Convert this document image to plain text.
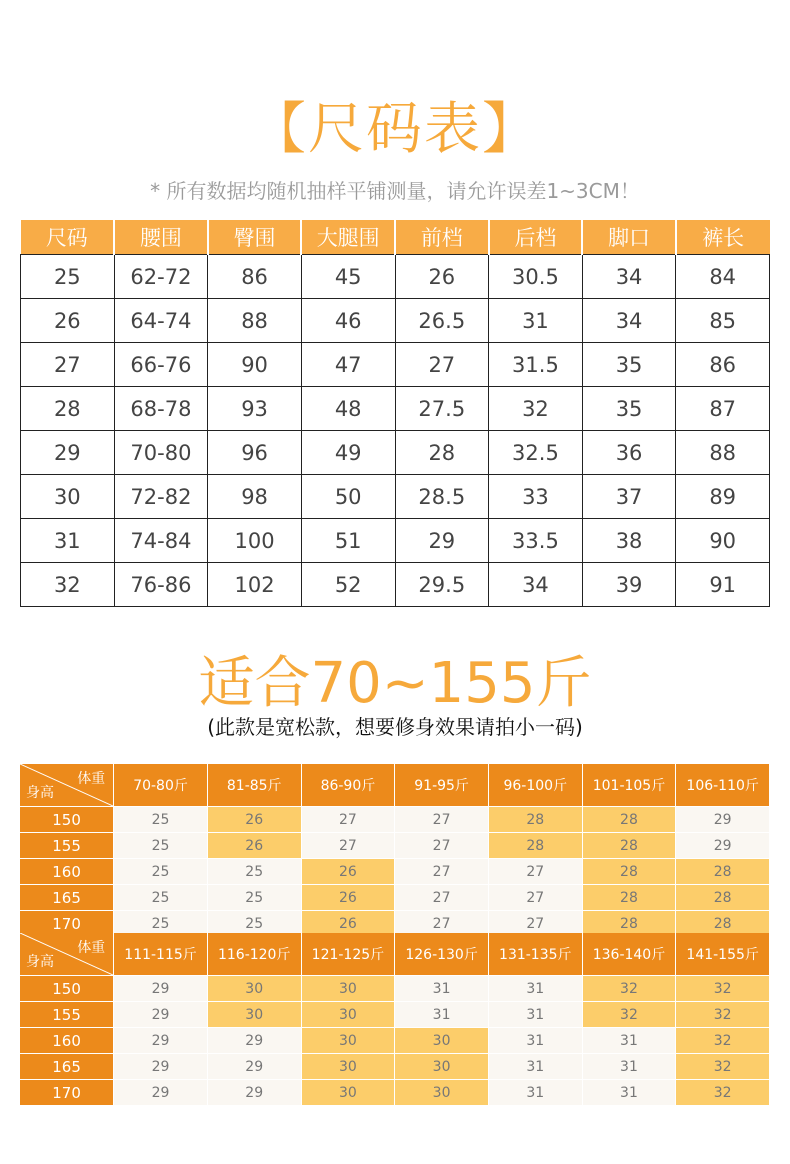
【尺码表】
* 所有数据均随机抽样平铺测量，请允许误差1~3CM！
尺码	腰围	臀围	大腿围	前档	后档	脚口	裤长
25	62-72	86	45	26	30.5	34	84
26	64-74	88	46	26.5	31	34	85
27	66-76	90	47	27	31.5	35	86
28	68-78	93	48	27.5	32	35	87
29	70-80	96	49	28	32.5	36	88
30	72-82	98	50	28.5	33	37	89
31	74-84	100	51	29	33.5	38	90
32	76-86	102	52	29.5	34	39	91
适合70~155斤
(此款是宽松款，想要修身效果请拍小一码)
体重
身高	70-80斤	81-85斤	86-90斤	91-95斤	96-100斤	101-105斤	106-110斤
150	25	26	27	27	28	28	29
155	25	26	27	27	28	28	29
160	25	25	26	27	27	28	28
165	25	25	26	27	27	28	28
170	25	25	26	27	27	28	28
体重
身高	111-115斤	116-120斤	121-125斤	126-130斤	131-135斤	136-140斤	141-155斤
150	29	30	30	31	31	32	32
155	29	30	30	31	31	32	32
160	29	29	30	30	31	31	32
165	29	29	30	30	31	31	32
170	29	29	30	30	31	31	32
